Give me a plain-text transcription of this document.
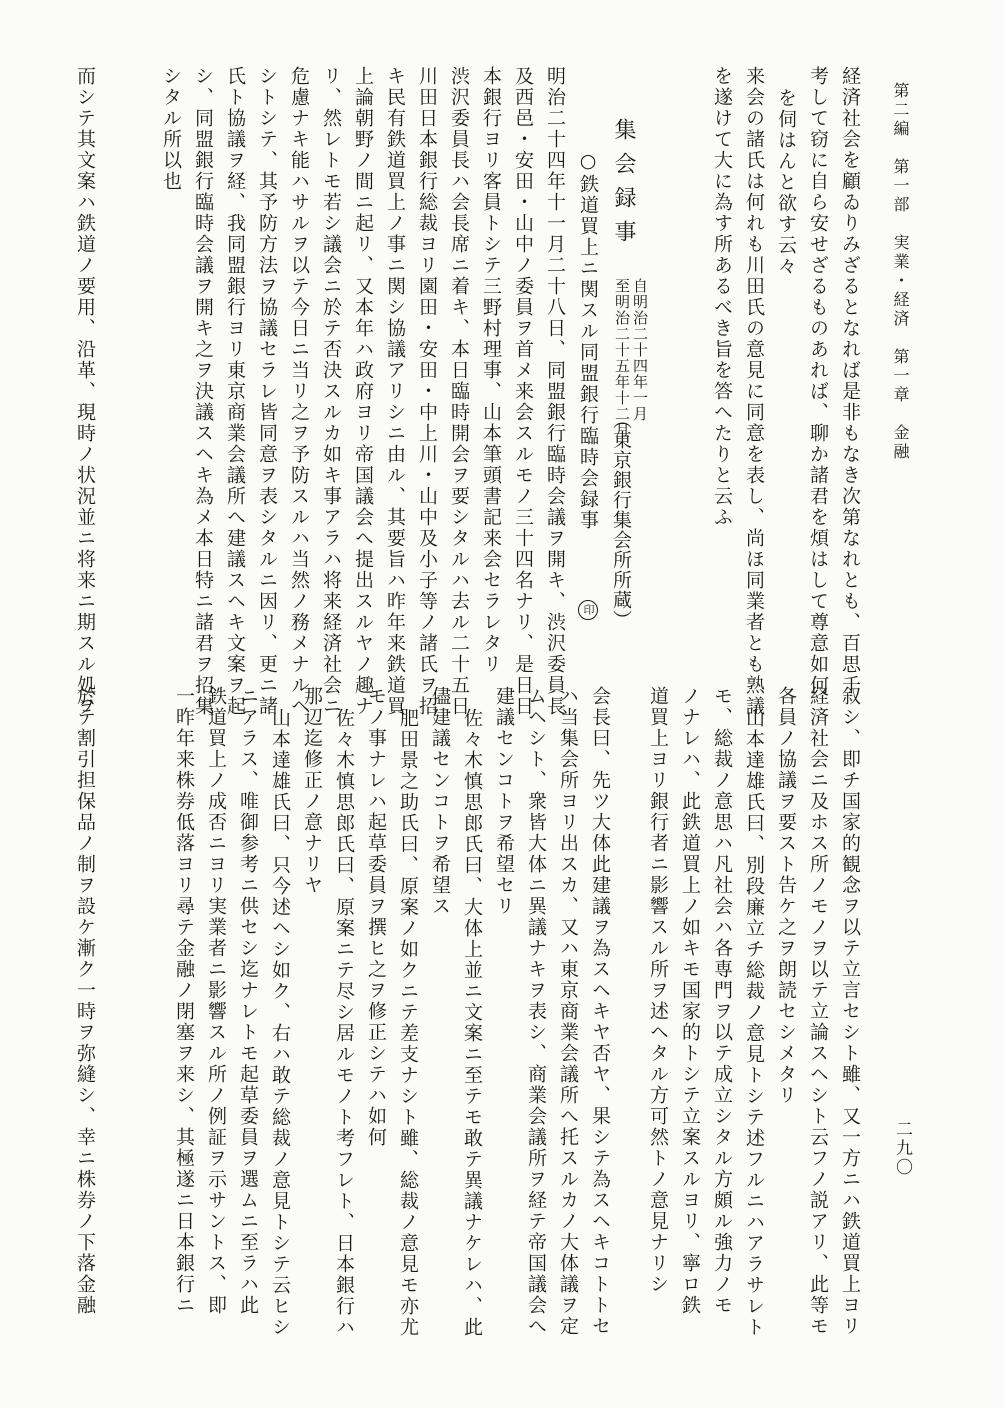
第二編　第一部　実業・経済　第一章　金融
二九〇
経済社会を顧ゐりみざるとなれば是非もなき次第なれとも、百思千
考して窃に自ら安せざるものあれば、聊か諸君を煩はして尊意如何
を伺はんと欲す云々
来会の諸氏は何れも川田氏の意見に同意を表し、尚ほ同業者とも熟議
を遂けて大に為す所あるべき旨を答へたりと云ふ
集会録事
自明治二十四年一月
至明治二十五年十二月
（東京銀行集会所所蔵）
○鉄道買上ニ関スル同盟銀行臨時会録事
印
明治二十四年十一月二十八日、同盟銀行臨時会議ヲ開キ、渋沢委員長
及西邑・安田・山中ノ委員ヲ首メ来会スルモノ三十四名ナリ、是日日
本銀行ヨリ客員トシテ三野村理事、山本筆頭書記来会セラレタリ
渋沢委員長ハ会長席ニ着キ、本日臨時開会ヲ要シタルハ去ル二十五日
川田日本銀行総裁ヨリ園田・安田・中上川・山中及小子等ノ諸氏ヲ招
キ民有鉄道買上ノ事ニ関シ協議アリシニ由ル、其要旨ハ昨年来鉄道買
上論朝野ノ間ニ起リ、又本年ハ政府ヨリ帝国議会へ提出スルヤノ趣ナ
リ、然レトモ若シ議会ニ於テ否決スルカ如キ事アラハ将来経済社会ニ
危慮ナキ能ハサルヲ以テ今日ニ当リ之ヲ予防スルハ当然ノ務メナルヘ
シトシテ、其予防方法ヲ協議セラレ皆同意ヲ表シタルニ因リ、更ニ諸
氏ト協議ヲ経、我同盟銀行ヨリ東京商業会議所へ建議スヘキ文案ヲ起
シ、同盟銀行臨時会議ヲ開キ之ヲ決議スヘキ為メ本日特ニ諸君ヲ招集
シタル所以也
而シテ其文案ハ鉄道ノ要用、沿革、現時ノ状況並ニ将来ニ期スル処ヲ
叙シ、即チ国家的観念ヲ以テ立言セシト雖、又一方ニハ鉄道買上ヨリ
経済社会ニ及ホス所ノモノヲ以テ立論スヘシト云フノ説アリ、此等モ
各員ノ協議ヲ要スト告ケ之ヲ朗読セシメタリ
山本達雄氏曰、別段廉立チ総裁ノ意見トシテ述フルニハアラサレト
モ、総裁ノ意思ハ凡社会ハ各専門ヲ以テ成立シタル方頗ル強力ノモ
ノナレハ、此鉄道買上ノ如キモ国家的トシテ立案スルヨリ、寧ロ鉄
道買上ヨリ銀行者ニ影響スル所ヲ述ヘタル方可然トノ意見ナリシ
会長曰、先ツ大体此建議ヲ為スヘキヤ否ヤ、果シテ為スヘキコトトセ
ハ当集会所ヨリ出スカ、又ハ東京商業会議所へ托スルカノ大体議ヲ定
ムヘシト、衆皆大体ニ異議ナキヲ表シ、商業会議所ヲ経テ帝国議会へ
建議センコトヲ希望セリ
佐々木慎思郎氏曰、大体上並ニ文案ニ至テモ敢テ異議ナケレハ、此
儘建議センコトヲ希望ス
肥田景之助氏曰、原案ノ如クニテ差支ナシト雖、総裁ノ意見モ亦尤
モノ事ナレハ起草委員ヲ撰ヒ之ヲ修正シテハ如何
佐々木慎思郎氏曰、原案ニテ尽シ居ルモノト考フレト、日本銀行ハ
那辺迄修正ノ意ナリヤ
山本達雄氏曰、只今述ヘシ如ク、右ハ敢テ総裁ノ意見トシテ云ヒシ
ニアラス、唯御参考ニ供セシ迄ナレトモ起草委員ヲ選ムニ至ラハ此
鉄道買上ノ成否ニヨリ実業者ニ影響スル所ノ例証ヲ示サントス、即
一昨年来株券低落ヨリ尋テ金融ノ閉塞ヲ来シ、其極遂ニ日本銀行ニ
於テ割引担保品ノ制ヲ設ケ漸ク一時ヲ弥縫シ、幸ニ株券ノ下落金融
